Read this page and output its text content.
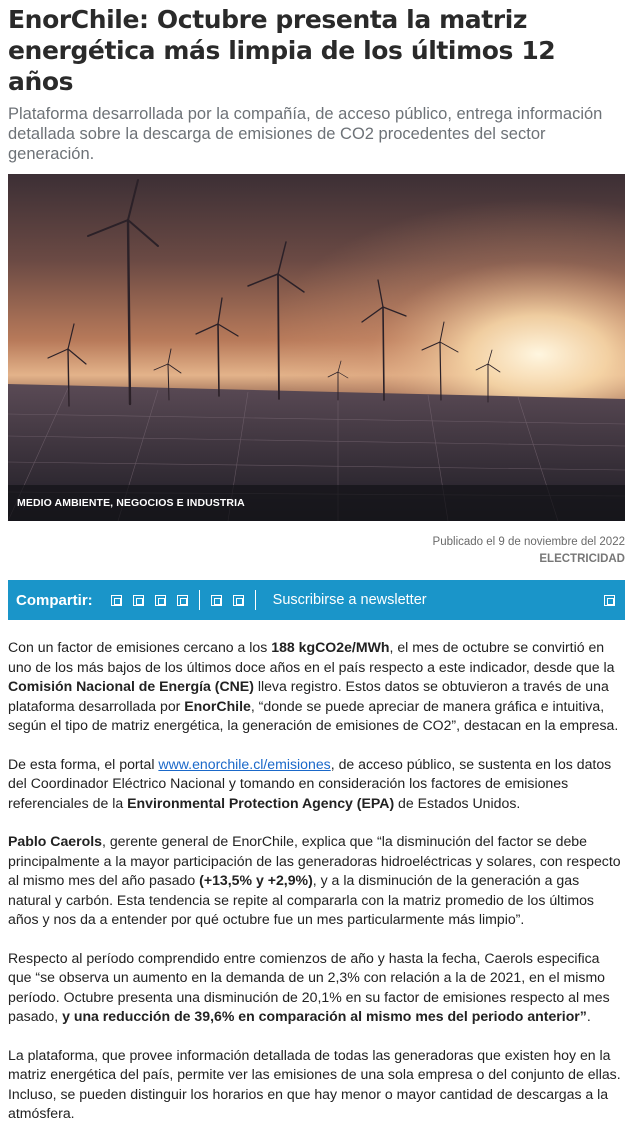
EnorChile: Octubre presenta la matriz energética más limpia de los últimos 12 años

Plataforma desarrollada por la compañía, de acceso público, entrega información detallada sobre la descarga de emisiones de CO2 procedentes del sector generación.

MEDIO AMBIENTE, NEGOCIOS E INDUSTRIA
Publicado el 9 de noviembre del 2022
ELECTRICIDAD
Compartir:	Suscribirse a newsletter

Con un factor de emisiones cercano a los 188 kgCO2e/MWh, el mes de octubre se convirtió en uno de los más bajos de los últimos doce años en el país respecto a este indicador, desde que la Comisión Nacional de Energía (CNE) lleva registro. Estos datos se obtuvieron a través de una plataforma desarrollada por EnorChile, “donde se puede apreciar de manera gráfica e intuitiva, según el tipo de matriz energética, la generación de emisiones de CO2”, destacan en la empresa.

De esta forma, el portal www.enorchile.cl/emisiones, de acceso público, se sustenta en los datos del Coordinador Eléctrico Nacional y tomando en consideración los factores de emisiones referenciales de la Environmental Protection Agency (EPA) de Estados Unidos.

Pablo Caerols, gerente general de EnorChile, explica que “la disminución del factor se debe principalmente a la mayor participación de las generadoras hidroeléctricas y solares, con respecto al mismo mes del año pasado (+13,5% y +2,9%), y a la disminución de la generación a gas natural y carbón. Esta tendencia se repite al compararla con la matriz promedio de los últimos años y nos da a entender por qué octubre fue un mes particularmente más limpio”.

Respecto al período comprendido entre comienzos de año y hasta la fecha, Caerols especifica que “se observa un aumento en la demanda de un 2,3% con relación a la de 2021, en el mismo período. Octubre presenta una disminución de 20,1% en su factor de emisiones respecto al mes pasado, y una reducción de 39,6% en comparación al mismo mes del periodo anterior”.

La plataforma, que provee información detallada de todas las generadoras que existen hoy en la matriz energética del país, permite ver las emisiones de una sola empresa o del conjunto de ellas. Incluso, se pueden distinguir los horarios en que hay menor o mayor cantidad de descargas a la atmósfera.
